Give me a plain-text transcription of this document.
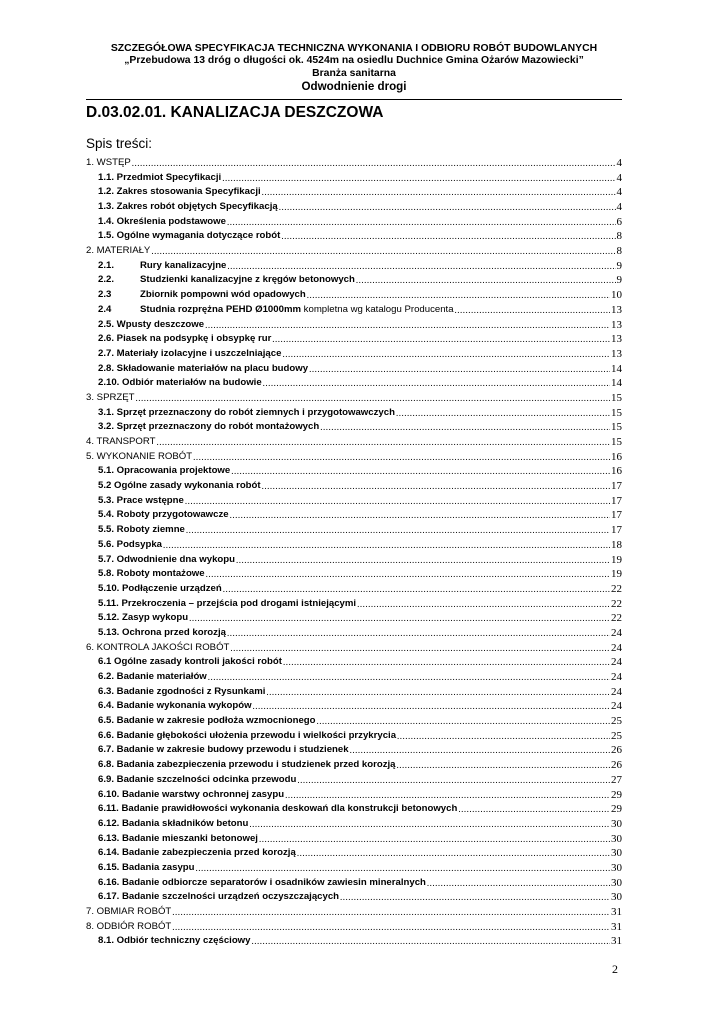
SZCZEGÓŁOWA SPECYFIKACJA TECHNICZNA WYKONANIA I ODBIORU ROBÓT BUDOWLANYCH
„Przebudowa 13 dróg o długości ok. 4524m na osiedlu Duchnice Gmina Ożarów Mazowiecki”
Branża sanitarna
Odwodnienie drogi
D.03.02.01. KANALIZACJA DESZCZOWA
Spis treści:
1. WSTĘP .....	4
1.1. Przedmiot Specyfikacji .....	4
1.2. Zakres stosowania Specyfikacji .....	4
1.3. Zakres robót objętych Specyfikacją .....	4
1.4. Określenia podstawowe .....	6
1.5. Ogólne wymagania dotyczące robót .....	8
2. MATERIAŁY .....	8
2.1.	Rury kanalizacyjne .....	9
2.2.	Studzienki kanalizacyjne z kręgów betonowych .....	9
2.3	Zbiornik pompowni wód opadowych .....	10
2.4	Studnia rozprężna PEHD Ø1000mm kompletna wg katalogu Producenta .....	13
2.5. Wpusty deszczowe .....	13
2.6. Piasek na podsypkę i obsypkę rur .....	13
2.7. Materiały izolacyjne i uszczelniające .....	13
2.8. Składowanie materiałów na placu budowy .....	14
2.10. Odbiór materiałów na budowie .....	14
3. SPRZĘT .....	15
3.1. Sprzęt przeznaczony do robót ziemnych i przygotowawczych .....	15
3.2. Sprzęt przeznaczony do robót montażowych .....	15
4. TRANSPORT .....	15
5. WYKONANIE ROBÓT .....	16
5.1. Opracowania projektowe .....	16
5.2 Ogólne zasady wykonania robót .....	17
5.3. Prace wstępne .....	17
5.4. Roboty przygotowawcze .....	17
5.5. Roboty ziemne .....	17
5.6. Podsypka .....	18
5.7. Odwodnienie dna wykopu .....	19
5.8. Roboty montażowe .....	19
5.10. Podłączenie urządzeń .....	22
5.11. Przekroczenia – przejścia pod drogami istniejącymi .....	22
5.12. Zasyp wykopu .....	22
5.13. Ochrona przed korozją .....	24
6. KONTROLA JAKOŚCI ROBÓT .....	24
6.1 Ogólne zasady kontroli jakości robót .....	24
6.2. Badanie materiałów .....	24
6.3. Badanie zgodności z Rysunkami .....	24
6.4. Badanie wykonania wykopów .....	24
6.5. Badanie w zakresie podłoża wzmocnionego .....	25
6.6. Badanie głębokości ułożenia przewodu i wielkości przykrycia .....	25
6.7. Badanie w zakresie budowy przewodu i studzienek .....	26
6.8. Badania zabezpieczenia przewodu i studzienek przed korozją .....	26
6.9. Badanie szczelności odcinka przewodu .....	27
6.10. Badanie warstwy ochronnej zasypu .....	29
6.11. Badanie prawidłowości wykonania deskowań dla konstrukcji betonowych .....	29
6.12. Badania składników betonu .....	30
6.13. Badanie mieszanki betonowej .....	30
6.14. Badanie zabezpieczenia przed korozją .....	30
6.15. Badania zasypu .....	30
6.16. Badanie odbiorcze separatorów i osadników zawiesin mineralnych .....	30
6.17. Badanie szczelności urządzeń oczyszczających .....	30
7. OBMIAR ROBÓT .....	31
8. ODBIÓR ROBÓT .....	31
8.1. Odbiór techniczny częściowy .....	31
2
